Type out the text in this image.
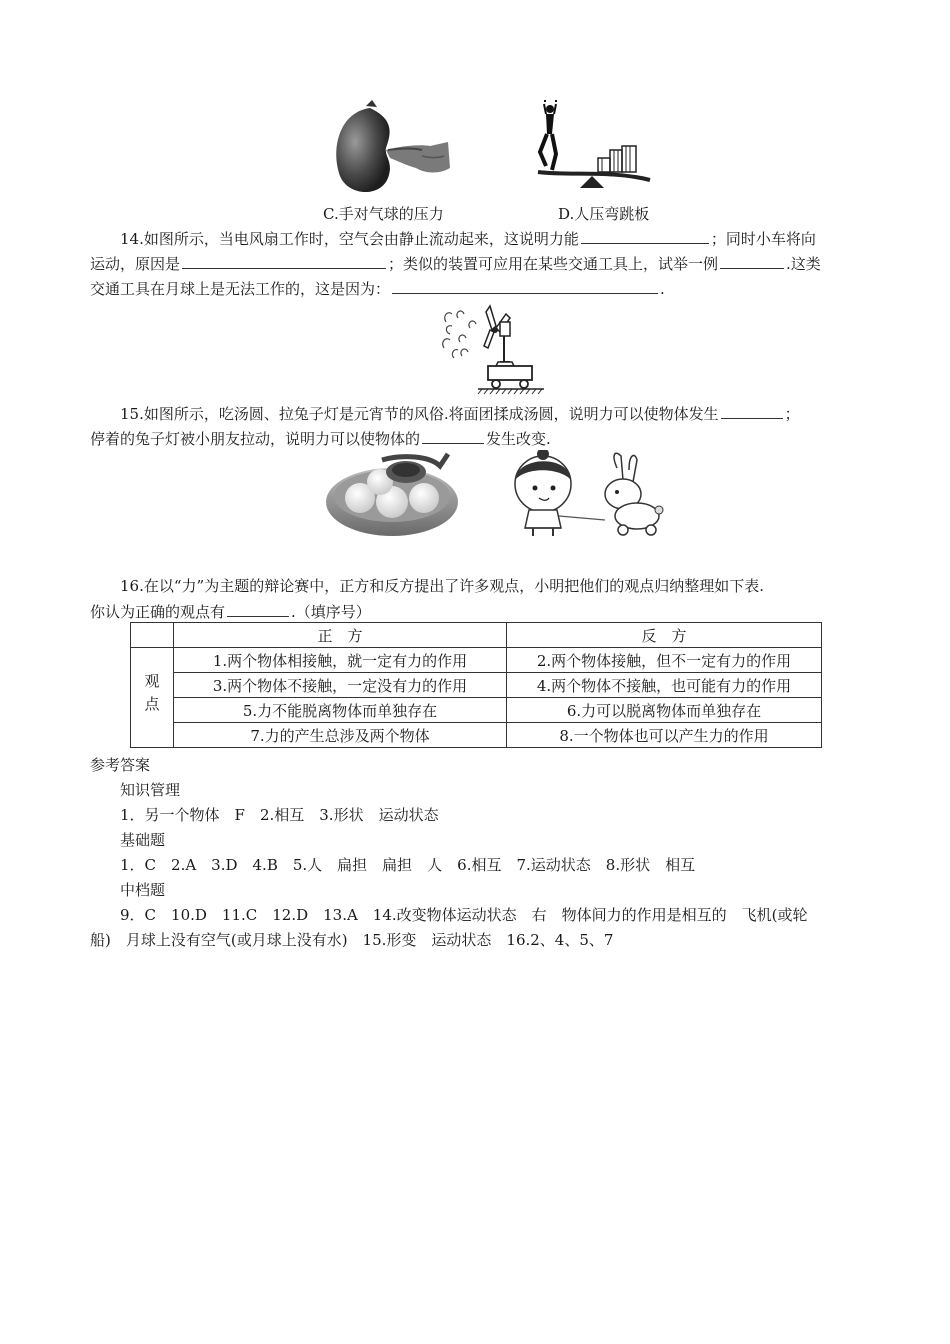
C.手对气球的压力	D.人压弯跳板
14.如图所示，当电风扇工作时，空气会由静止流动起来，这说明力能	；同时小车将向
运动，原因是	；类似的装置可应用在某些交通工具上，试举一例	.这类
交通工具在月球上是无法工作的，这是因为：	.
15.如图所示，吃汤圆、拉兔子灯是元宵节的风俗.将面团揉成汤圆，说明力可以使物体发生	；
停着的兔子灯被小朋友拉动，说明力可以使物体的	发生改变.
16.在以“力”为主题的辩论赛中，正方和反方提出了许多观点，小明把他们的观点归纳整理如下表.
你认为正确的观点有	.（填序号）
	正　方	反　方
观点	1.两个物体相接触，就一定有力的作用	2.两个物体接触，但不一定有力的作用
	3.两个物体不接触，一定没有力的作用	4.两个物体不接触，也可能有力的作用
	5.力不能脱离物体而单独存在	6.力可以脱离物体而单独存在
	7.力的产生总涉及两个物体	8.一个物体也可以产生力的作用
参考答案
知识管理
1．另一个物体　F　2.相互　3.形状　运动状态
基础题
1．C　2.A　3.D　4.B　5.人　扁担　扁担　人　6.相互　7.运动状态　8.形状　相互
中档题
9．C　10.D　11.C　12.D　13.A　14.改变物体运动状态　右　物体间力的作用是相互的　飞机(或轮
船)　月球上没有空气(或月球上没有水)　15.形变　运动状态　16.2、4、5、7
